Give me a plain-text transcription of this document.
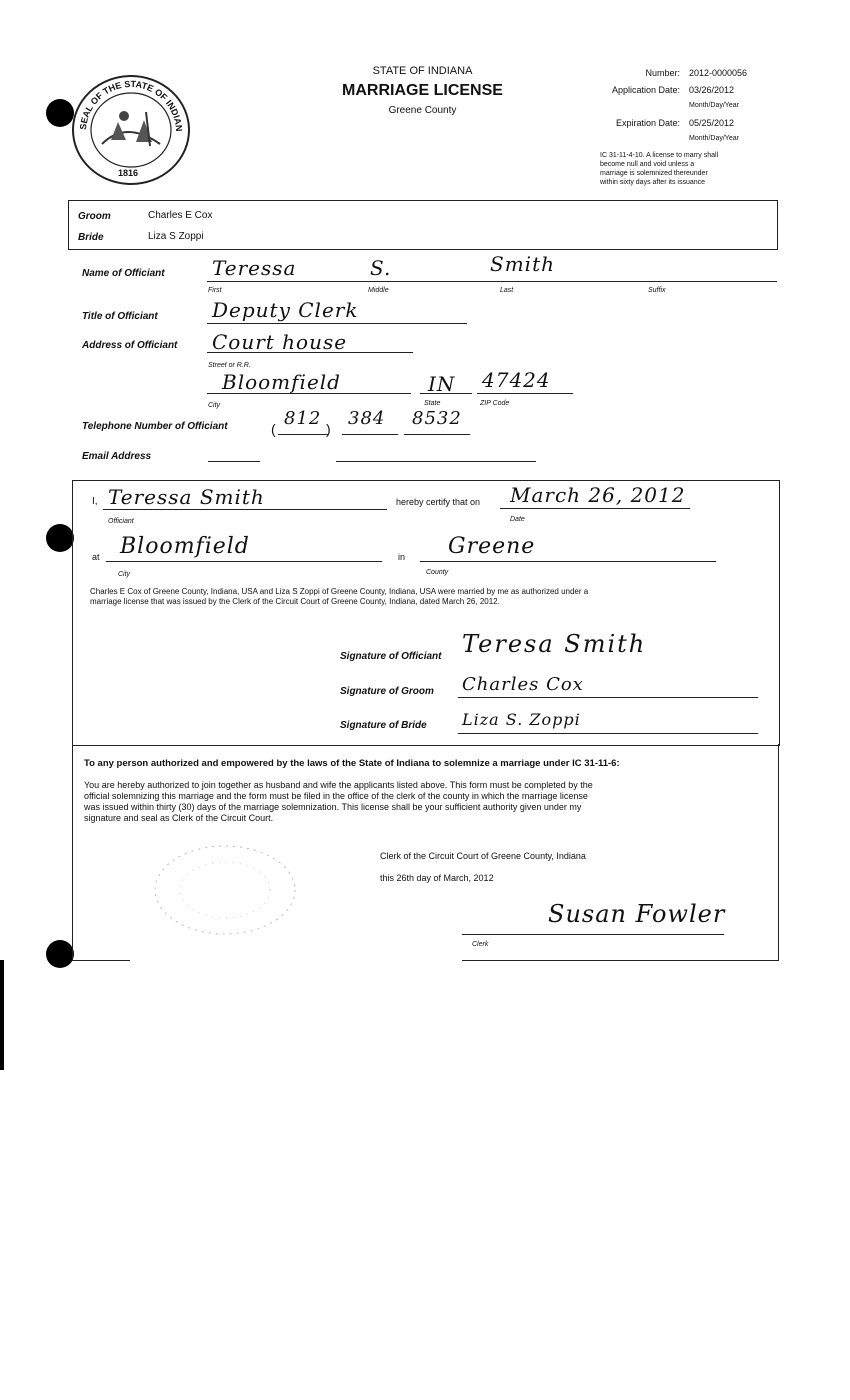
SEAL OF THE STATE OF INDIAN
1816
STATE OF INDIANA
MARRIAGE LICENSE
Greene County
Number: 2012-0000056
Application Date: 03/26/2012
Month/Day/Year
Expiration Date: 05/25/2012
Month/Day/Year
IC 31-11-4-10. A license to marry shall
become null and void unless a
marriage is solemnized thereunder
within sixty days after its issuance
Groom	Charles E Cox
Bride	Liza S Zoppi
Name of Officiant Teressa	S.	Smith
First	Middle	Last	Suffix
Title of Officiant	Deputy Clerk
Address of Officiant Court house
Street or R.R.
Bloomfield	IN 47424
City	State	ZIP Code
Telephone Number of Officiant	( 812 ) 384 8532
Email Address
I, Teressa Smith
Officiant
hereby certify that on March 26, 2012
Date
at Bloomfield
City
in Greene
County
Charles E Cox of Greene County, Indiana, USA and Liza S Zoppi of Greene County, Indiana, USA were married by me as authorized under a
marriage license that was issued by the Clerk of the Circuit Court of Greene County, Indiana, dated March 26, 2012.
Signature of Officiant Teresa Smith
Signature of Groom Charles Cox
Signature of Bride Liza S. Zoppi
To any person authorized and empowered by the laws of the State of Indiana to solemnize a marriage under IC 31-11-6:
You are hereby authorized to join together as husband and wife the applicants listed above. This form must be completed by the
official solemnizing this marriage and the form must be filed in the office of the clerk of the county in which the marriage license
was issued within thirty (30) days of the marriage solemnization. This license shall be your sufficient authority given under my
signature and seal as Clerk of the Circuit Court.
Clerk of the Circuit Court of Greene County, Indiana
this 26th day of March, 2012
Susan Fowler
Clerk
